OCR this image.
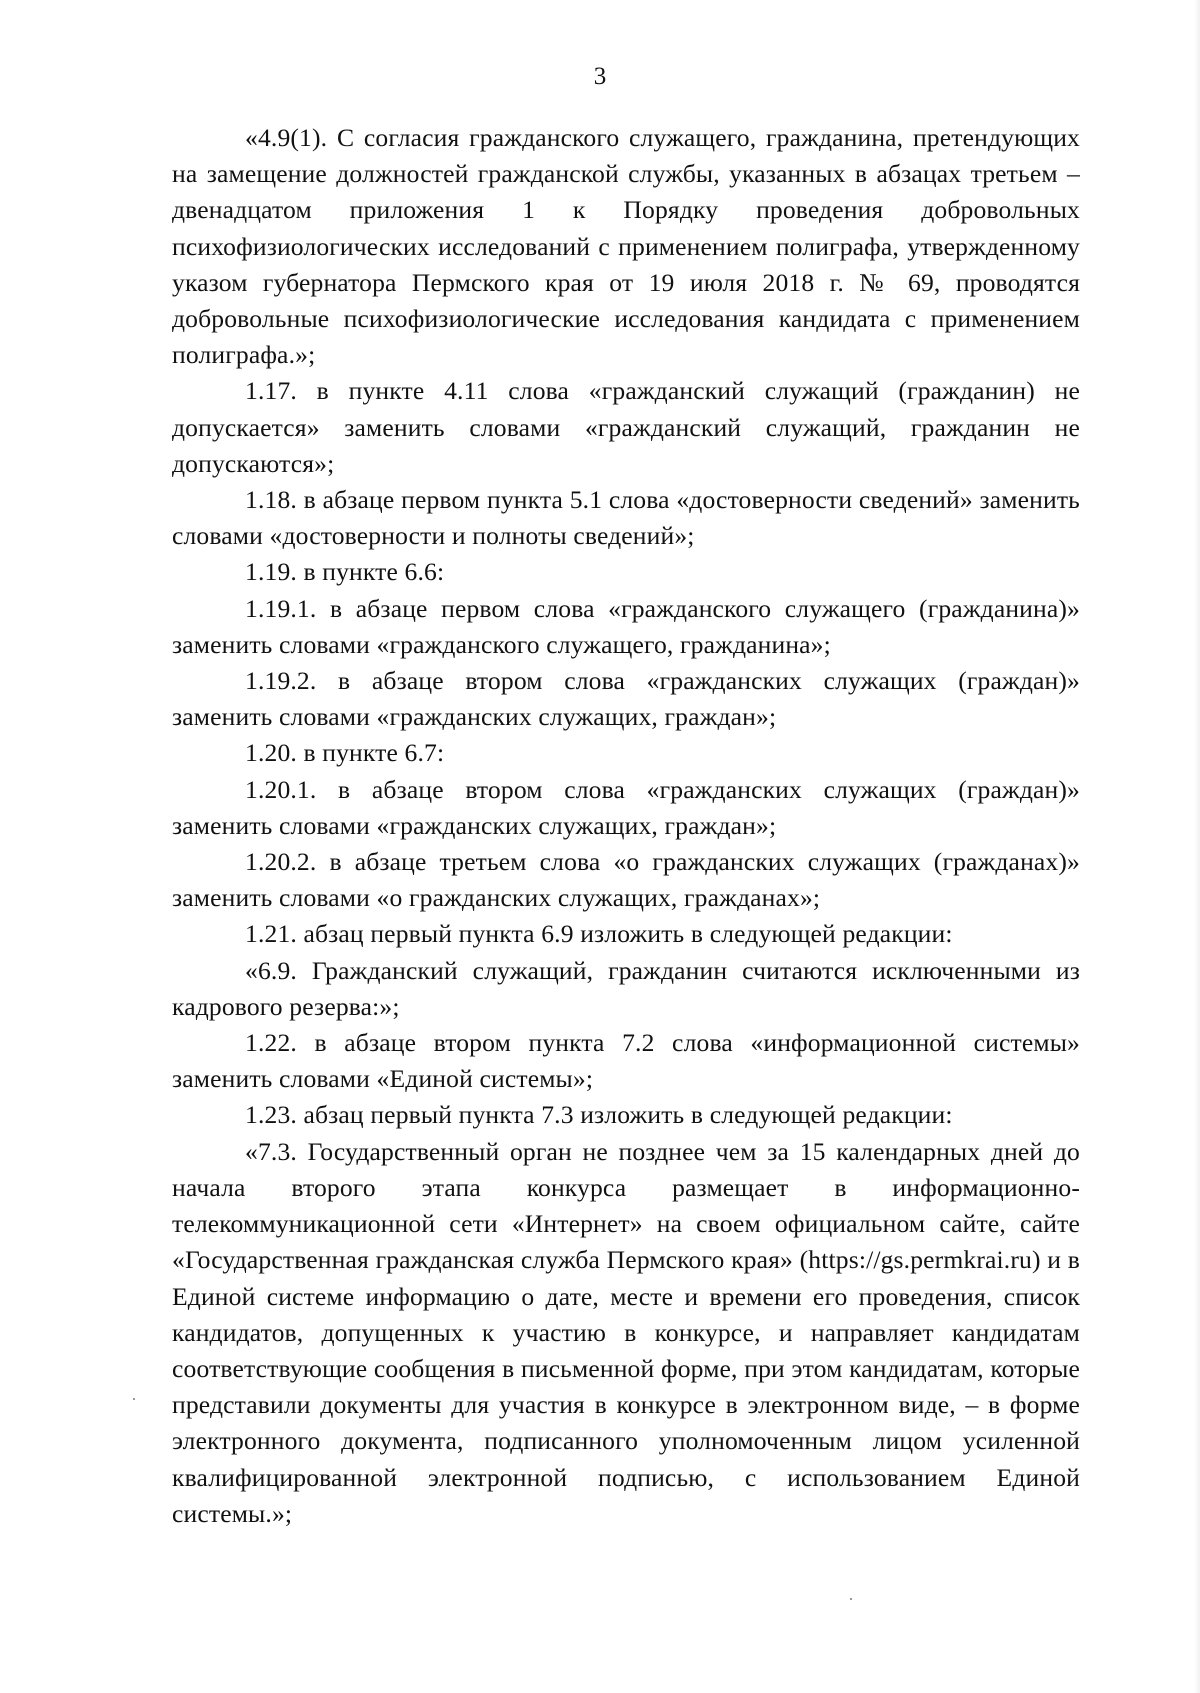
3

«4.9(1). С согласия гражданского служащего, гражданина, претендующих на замещение должностей гражданской службы, указанных в абзацах третьем – двенадцатом приложения 1 к Порядку проведения добровольных психофизиологических исследований с применением полиграфа, утвержденному указом губернатора Пермского края от 19 июля 2018 г. № 69, проводятся добровольные психофизиологические исследования кандидата с применением полиграфа.»;

1.17. в пункте 4.11 слова «гражданский служащий (гражданин) не допускается» заменить словами «гражданский служащий, гражданин не допускаются»;

1.18. в абзаце первом пункта 5.1 слова «достоверности сведений» заменить словами «достоверности и полноты сведений»;

1.19. в пункте 6.6:

1.19.1. в абзаце первом слова «гражданского служащего (гражданина)» заменить словами «гражданского служащего, гражданина»;

1.19.2. в абзаце втором слова «гражданских служащих (граждан)» заменить словами «гражданских служащих, граждан»;

1.20. в пункте 6.7:

1.20.1. в абзаце втором слова «гражданских служащих (граждан)» заменить словами «гражданских служащих, граждан»;

1.20.2. в абзаце третьем слова «о гражданских служащих (гражданах)» заменить словами «о гражданских служащих, гражданах»;

1.21. абзац первый пункта 6.9 изложить в следующей редакции:

«6.9. Гражданский служащий, гражданин считаются исключенными из кадрового резерва:»;

1.22. в абзаце втором пункта 7.2 слова «информационной системы» заменить словами «Единой системы»;

1.23. абзац первый пункта 7.3 изложить в следующей редакции:

«7.3. Государственный орган не позднее чем за 15 календарных дней до начала второго этапа конкурса размещает в информационно-телекоммуникационной сети «Интернет» на своем официальном сайте, сайте «Государственная гражданская служба Пермского края» (https://gs.permkrai.ru) и в Единой системе информацию о дате, месте и времени его проведения, список кандидатов, допущенных к участию в конкурсе, и направляет кандидатам соответствующие сообщения в письменной форме, при этом кандидатам, которые представили документы для участия в конкурсе в электронном виде, – в форме электронного документа, подписанного уполномоченным лицом усиленной квалифицированной электронной подписью, с использованием Единой системы.»;
